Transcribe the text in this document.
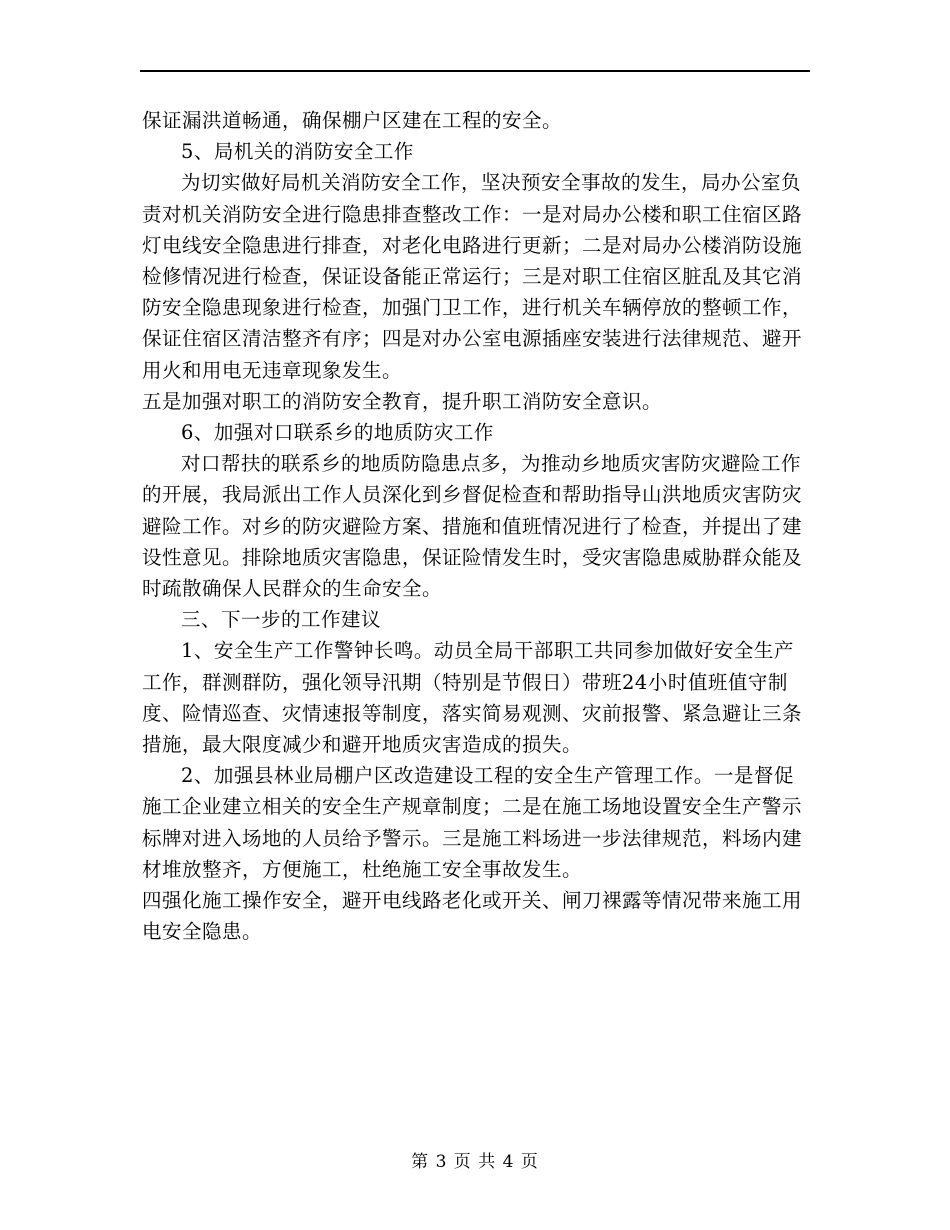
保证漏洪道畅通，确保棚户区建在工程的安全。

5、局机关的消防安全工作

为切实做好局机关消防安全工作，坚决预安全事故的发生，局办公室负责对机关消防安全进行隐患排查整改工作：一是对局办公楼和职工住宿区路灯电线安全隐患进行排查，对老化电路进行更新；二是对局办公楼消防设施检修情况进行检查，保证设备能正常运行；三是对职工住宿区脏乱及其它消防安全隐患现象进行检查，加强门卫工作，进行机关车辆停放的整顿工作，保证住宿区清洁整齐有序；四是对办公室电源插座安装进行法律规范、避开用火和用电无违章现象发生。

五是加强对职工的消防安全教育，提升职工消防安全意识。

6、加强对口联系乡的地质防灾工作

对口帮扶的联系乡的地质防隐患点多，为推动乡地质灾害防灾避险工作的开展，我局派出工作人员深化到乡督促检查和帮助指导山洪地质灾害防灾避险工作。对乡的防灾避险方案、措施和值班情况进行了检查，并提出了建设性意见。排除地质灾害隐患，保证险情发生时，受灾害隐患威胁群众能及时疏散确保人民群众的生命安全。

三、下一步的工作建议

1、安全生产工作警钟长鸣。动员全局干部职工共同参加做好安全生产工作，群测群防，强化领导汛期（特别是节假日）带班24小时值班值守制度、险情巡查、灾情速报等制度，落实简易观测、灾前报警、紧急避让三条措施，最大限度减少和避开地质灾害造成的损失。

2、加强县林业局棚户区改造建设工程的安全生产管理工作。一是督促施工企业建立相关的安全生产规章制度；二是在施工场地设置安全生产警示标牌对进入场地的人员给予警示。三是施工料场进一步法律规范，料场内建材堆放整齐，方便施工，杜绝施工安全事故发生。

四强化施工操作安全，避开电线路老化或开关、闸刀裸露等情况带来施工用电安全隐患。

第 3 页 共 4 页
